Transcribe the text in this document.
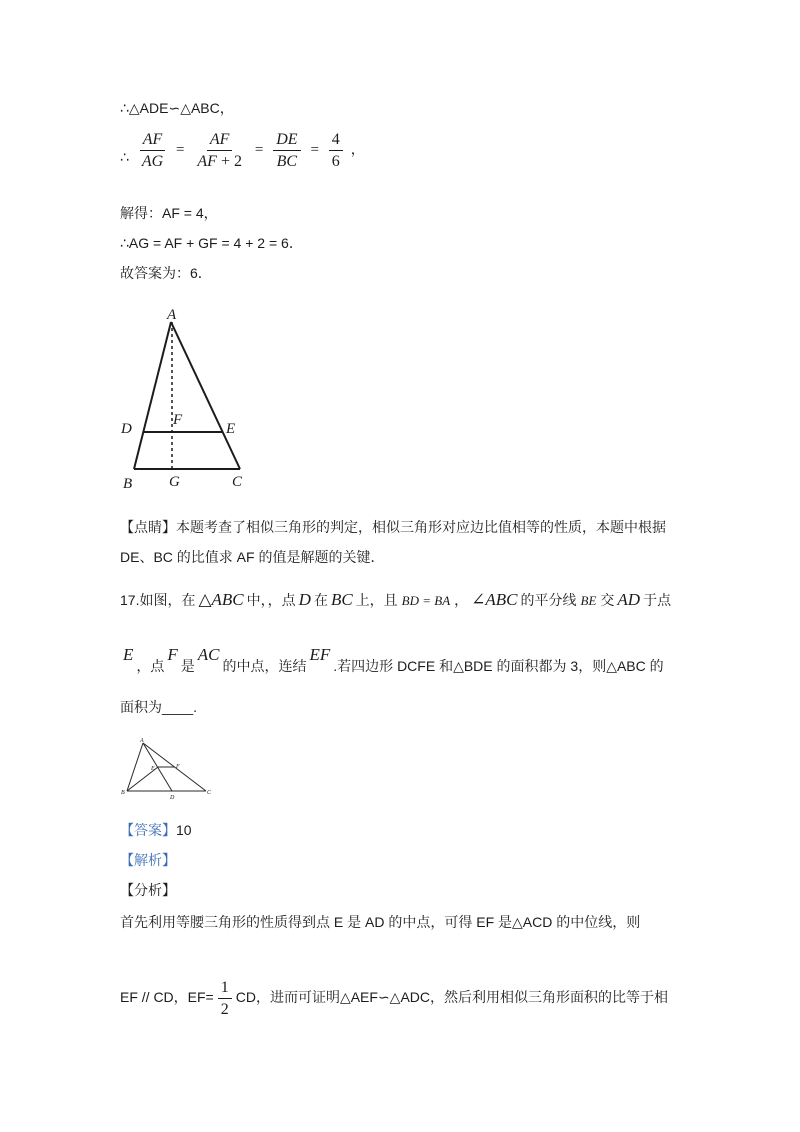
∴△ADE∽△ABC，
∴ $\frac{AF}{AG} = \frac{AF}{AF + 2} = \frac{DE}{BC} = \frac{4}{6}$ ，
解得：AF = 4，
∴AG = AF + GF = 4 + 2 = 6．
故答案为：6．
A
D
F
E
B G	C
【点睛】本题考查了相似三角形的判定，相似三角形对应边比值相等的性质，本题中根据
DE、BC 的比值求 AF 的值是解题的关键．
17.如图，在 △ABC 中，，点 D 在 BC 上，且 BD = BA ， ∠ABC 的平分线 BE 交 AD 于点
E，点F是AC的中点，连结EF.若四边形 DCFE 和△BDE 的面积都为 3，则△ABC 的
面积为____.
A
E	F
B
D
C
【答案】10
【解析】
【分析】
首先利用等腰三角形的性质得到点 E 是 AD 的中点，可得 EF 是△ACD 的中位线，则
EF // CD，$EF= \frac{1}{2}$ CD，进而可证明△AEF∽△ADC，然后利用相似三角形面积的比等于相
